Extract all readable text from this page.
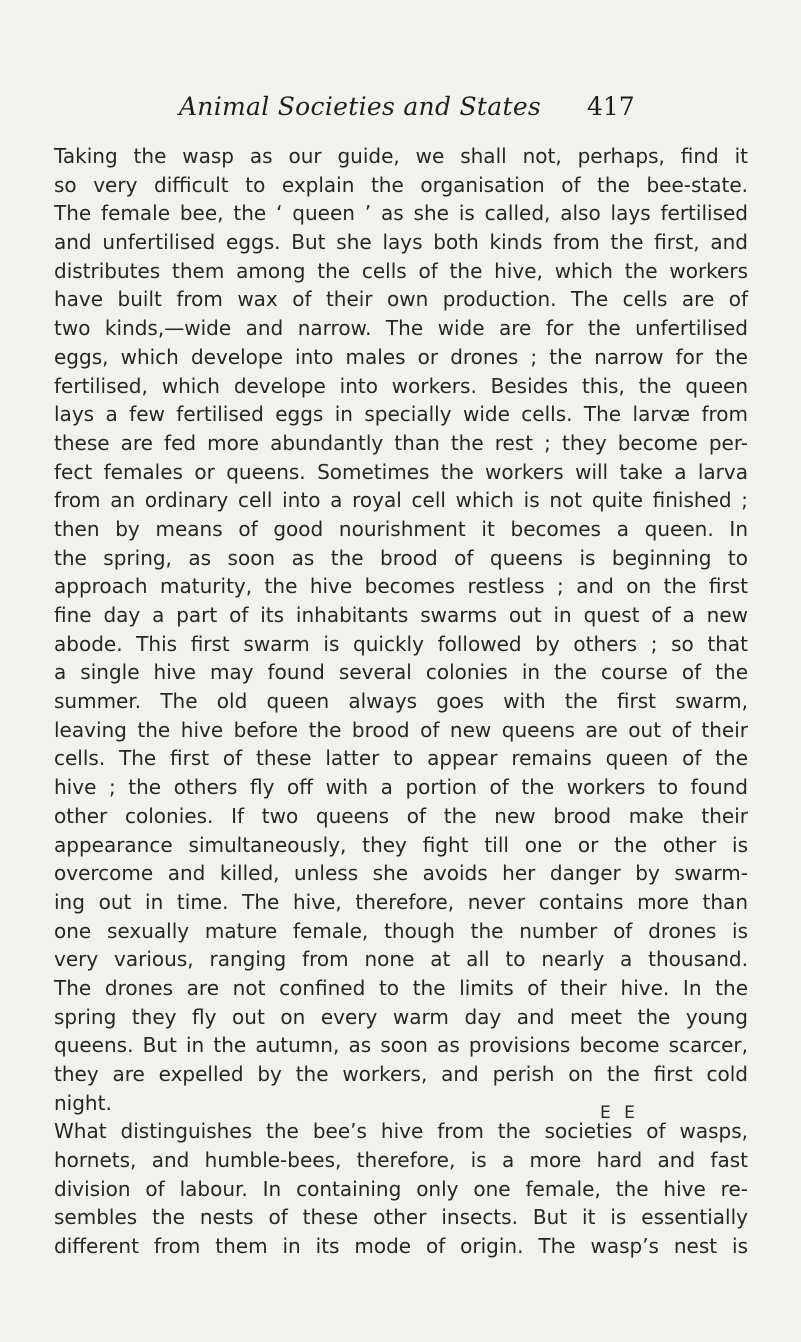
Animal Societies and States	417
Taking the wasp as our guide, we shall not, perhaps, find it
so very difficult to explain the organisation of the bee-state.
The female bee, the ‘ queen ’ as she is called, also lays fertilised
and unfertilised eggs. But she lays both kinds from the first, and
distributes them among the cells of the hive, which the workers
have built from wax of their own production. The cells are of
two kinds,—wide and narrow. The wide are for the unfertilised
eggs, which develope into males or drones ; the narrow for the
fertilised, which develope into workers. Besides this, the queen
lays a few fertilised eggs in specially wide cells. The larvæ from
these are fed more abundantly than the rest ; they become per-
fect females or queens. Sometimes the workers will take a larva
from an ordinary cell into a royal cell which is not quite finished ;
then by means of good nourishment it becomes a queen. In
the spring, as soon as the brood of queens is beginning to
approach maturity, the hive becomes restless ; and on the first
fine day a part of its inhabitants swarms out in quest of a new
abode. This first swarm is quickly followed by others ; so that
a single hive may found several colonies in the course of the
summer. The old queen always goes with the first swarm,
leaving the hive before the brood of new queens are out of their
cells. The first of these latter to appear remains queen of the
hive ; the others fly off with a portion of the workers to found
other colonies. If two queens of the new brood make their
appearance simultaneously, they fight till one or the other is
overcome and killed, unless she avoids her danger by swarm-
ing out in time. The hive, therefore, never contains more than
one sexually mature female, though the number of drones is
very various, ranging from none at all to nearly a thousand.
The drones are not confined to the limits of their hive. In the
spring they fly out on every warm day and meet the young
queens. But in the autumn, as soon as provisions become scarcer,
they are expelled by the workers, and perish on the first cold
night.
What distinguishes the bee’s hive from the societies of wasps,
hornets, and humble-bees, therefore, is a more hard and fast
division of labour. In containing only one female, the hive re-
sembles the nests of these other insects. But it is essentially
different from them in its mode of origin. The wasp’s nest is
E E
